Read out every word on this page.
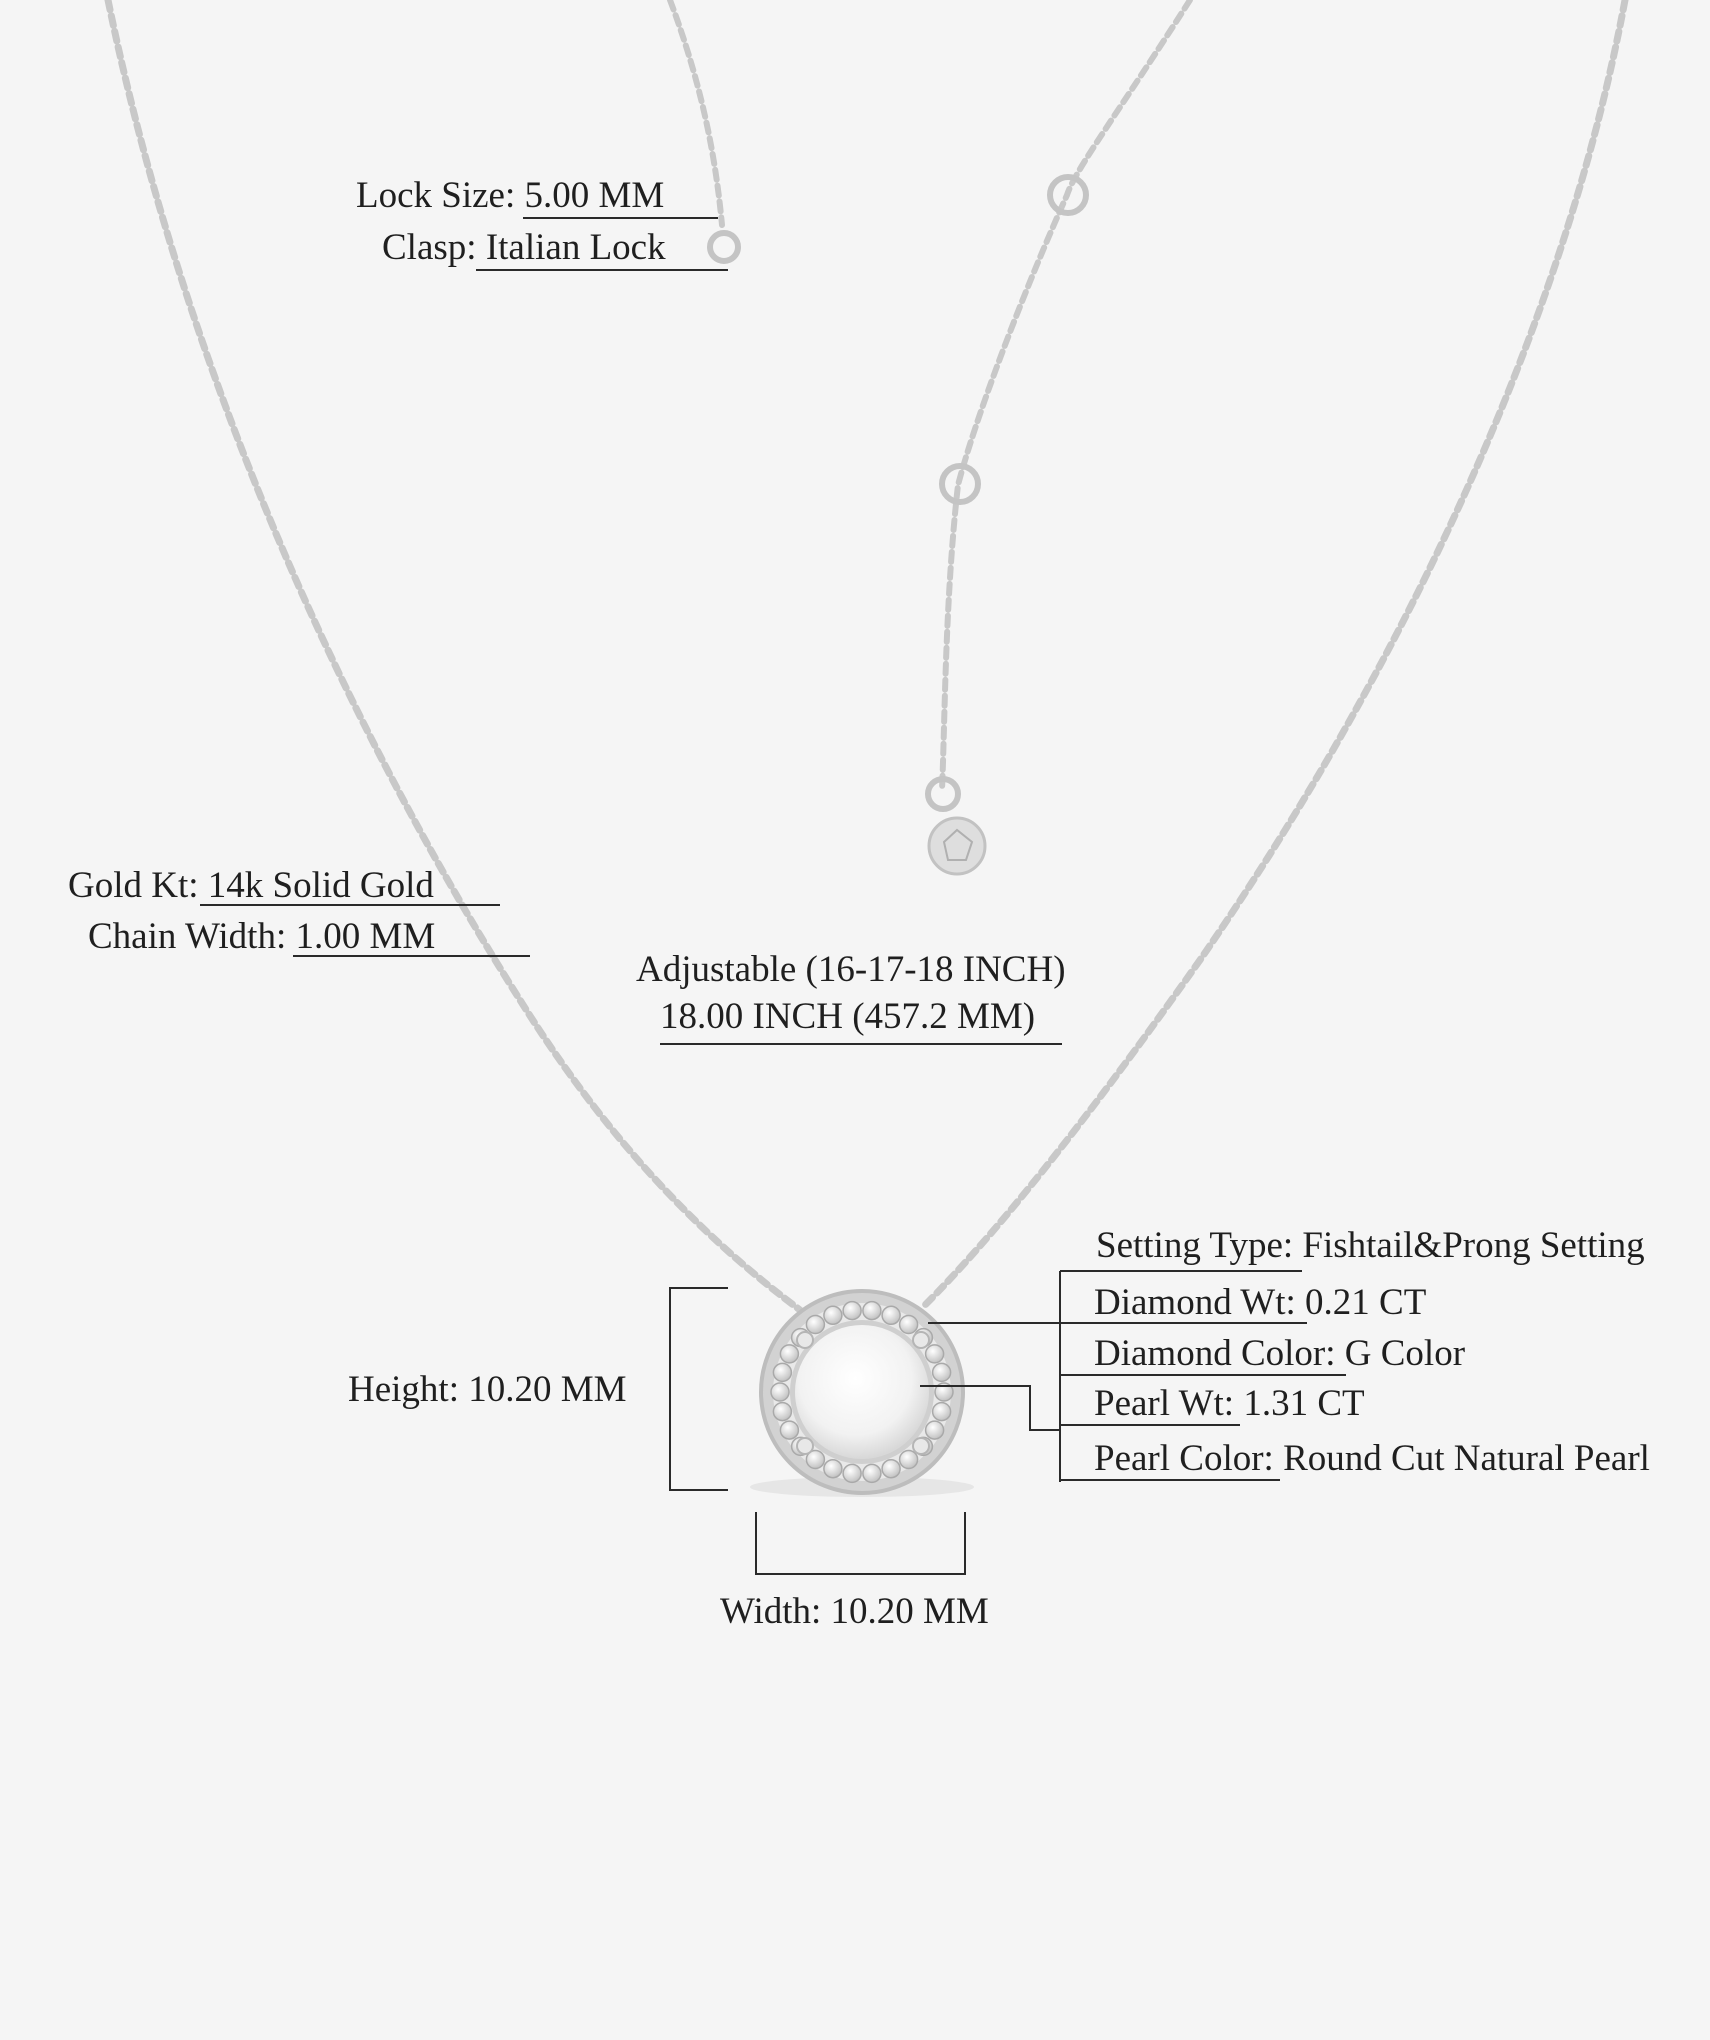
Lock Size: 5.00 MM
Clasp: Italian Lock
Gold Kt: 14k Solid Gold
Chain Width: 1.00 MM
Adjustable (16-17-18 INCH)
18.00 INCH (457.2 MM)
Setting Type: Fishtail&Prong Setting
Diamond Wt: 0.21 CT
Diamond Color: G Color
Pearl Wt: 1.31 CT
Pearl Color: Round Cut Natural Pearl
Height: 10.20 MM
Width: 10.20 MM
